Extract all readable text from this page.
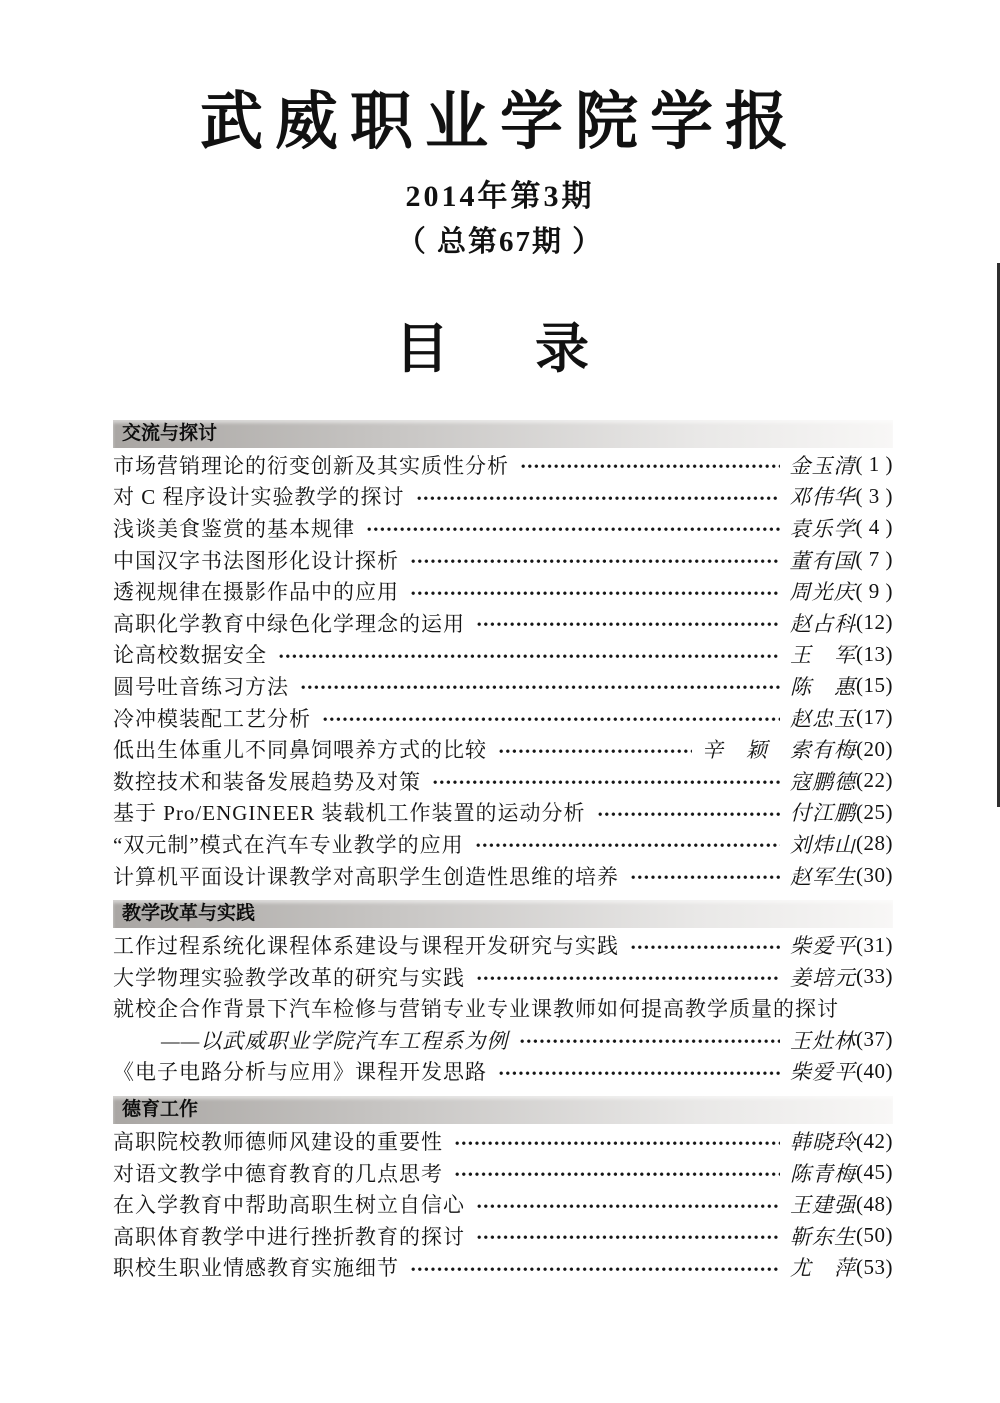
武威职业学院学报
2014年第3期
（ 总第67期 ）
目　录
交流与探讨
市场营销理论的衍变创新及其实质性分析	金玉清 ( 1 )
对 C 程序设计实验教学的探讨	邓伟华 ( 3 )
浅谈美食鉴赏的基本规律	袁乐学 ( 4 )
中国汉字书法图形化设计探析	董有国 ( 7 )
透视规律在摄影作品中的应用	周光庆 ( 9 )
高职化学教育中绿色化学理念的运用	赵占科 (12)
论高校数据安全	王　军 (13)
圆号吐音练习方法	陈　惠 (15)
冷冲模装配工艺分析	赵忠玉 (17)
低出生体重儿不同鼻饲喂养方式的比较	辛　颖　索有梅 (20)
数控技术和装备发展趋势及对策	寇鹏德 (22)
基于 Pro/ENGINEER 装载机工作装置的运动分析	付江鹏 (25)
“双元制”模式在汽车专业教学的应用	刘炜山 (28)
计算机平面设计课教学对高职学生创造性思维的培养	赵军生 (30)
教学改革与实践
工作过程系统化课程体系建设与课程开发研究与实践	柴爱平 (31)
大学物理实验教学改革的研究与实践	姜培元 (33)
就校企合作背景下汽车检修与营销专业专业课教师如何提高教学质量的探讨
——以武威职业学院汽车工程系为例	王灶林 (37)
《电子电路分析与应用》课程开发思路	柴爱平 (40)
德育工作
高职院校教师德师风建设的重要性	韩晓玲 (42)
对语文教学中德育教育的几点思考	陈青梅 (45)
在入学教育中帮助高职生树立自信心	王建强 (48)
高职体育教学中进行挫折教育的探讨	靳东生 (50)
职校生职业情感教育实施细节	尤　萍 (53)
